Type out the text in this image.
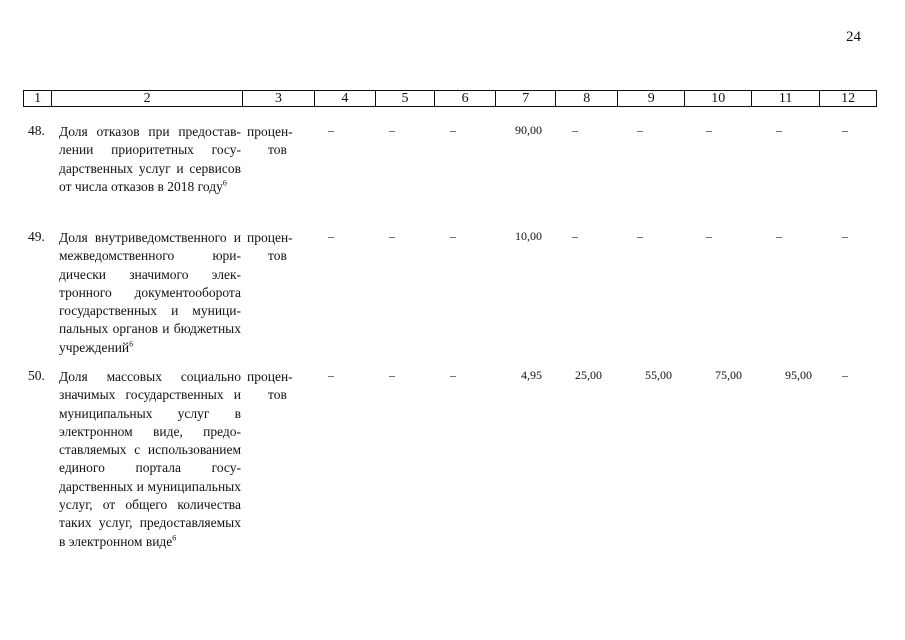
24
1	2	3	4	5	6	7	8	9	10	11	12
48. Доля отказов при предоставлении приоритетных государственных услуг и сервисов от числа отказов в 2018 году$^6$
процен-
тов
–	–	–	90,00	–	–	–	–	–
49. Доля внутриведомственного и межведомственного юридически значимого электронного документооборота государственных и муниципальных органов и бюджетных учреждений$^6$
процен-
тов
–	–	–	10,00	–	–	–	–	–
50. Доля массовых социально значимых государственных и муниципальных услуг в электронном виде, предоставляемых с использованием единого портала государственных и муниципальных услуг, от общего количества таких услуг, предоставляемых в электронном виде$^6$
процен-
тов
–	–	–	4,95	25,00	55,00	75,00	95,00	–
